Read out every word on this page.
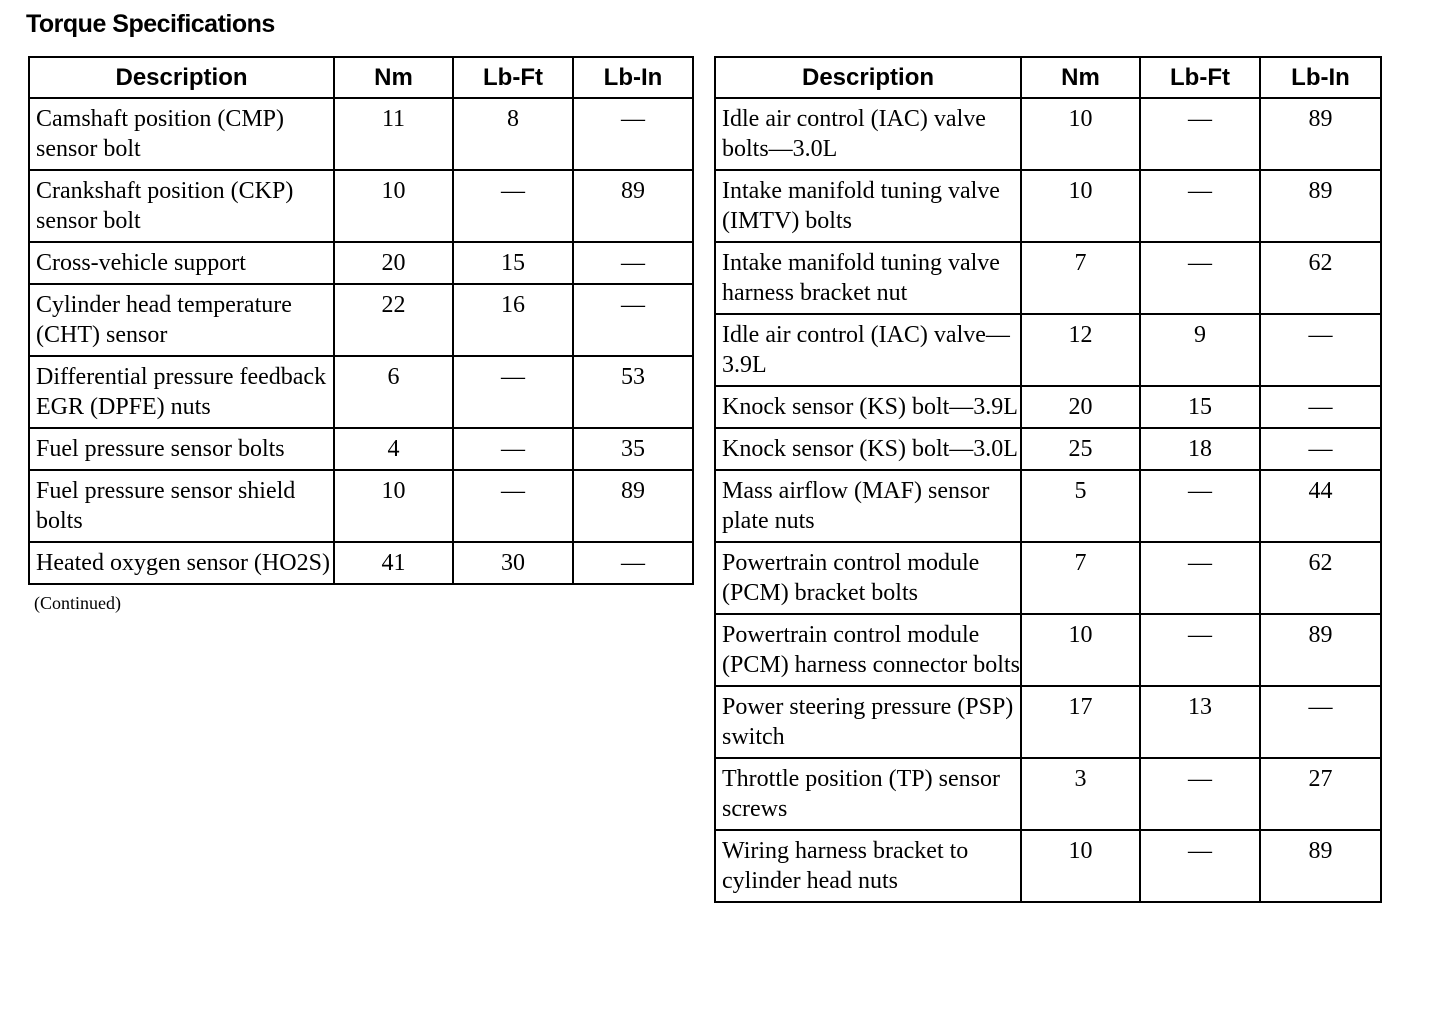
Torque Specifications
Description	Nm	Lb-Ft	Lb-In
Camshaft position (CMP) sensor bolt	11	8	—
Crankshaft position (CKP) sensor bolt	10	—	89
Cross-vehicle support	20	15	—
Cylinder head temperature (CHT) sensor	22	16	—
Differential pressure feedback EGR (DPFE) nuts	6	—	53
Fuel pressure sensor bolts	4	—	35
Fuel pressure sensor shield bolts	10	—	89
Heated oxygen sensor (HO2S)	41	30	—
(Continued)
Description	Nm	Lb-Ft	Lb-In
Idle air control (IAC) valve bolts—3.0L	10	—	89
Intake manifold tuning valve (IMTV) bolts	10	—	89
Intake manifold tuning valve harness bracket nut	7	—	62
Idle air control (IAC) valve—3.9L	12	9	—
Knock sensor (KS) bolt—3.9L	20	15	—
Knock sensor (KS) bolt—3.0L	25	18	—
Mass airflow (MAF) sensor plate nuts	5	—	44
Powertrain control module (PCM) bracket bolts	7	—	62
Powertrain control module (PCM) harness connector bolts	10	—	89
Power steering pressure (PSP) switch	17	13	—
Throttle position (TP) sensor screws	3	—	27
Wiring harness bracket to cylinder head nuts	10	—	89
